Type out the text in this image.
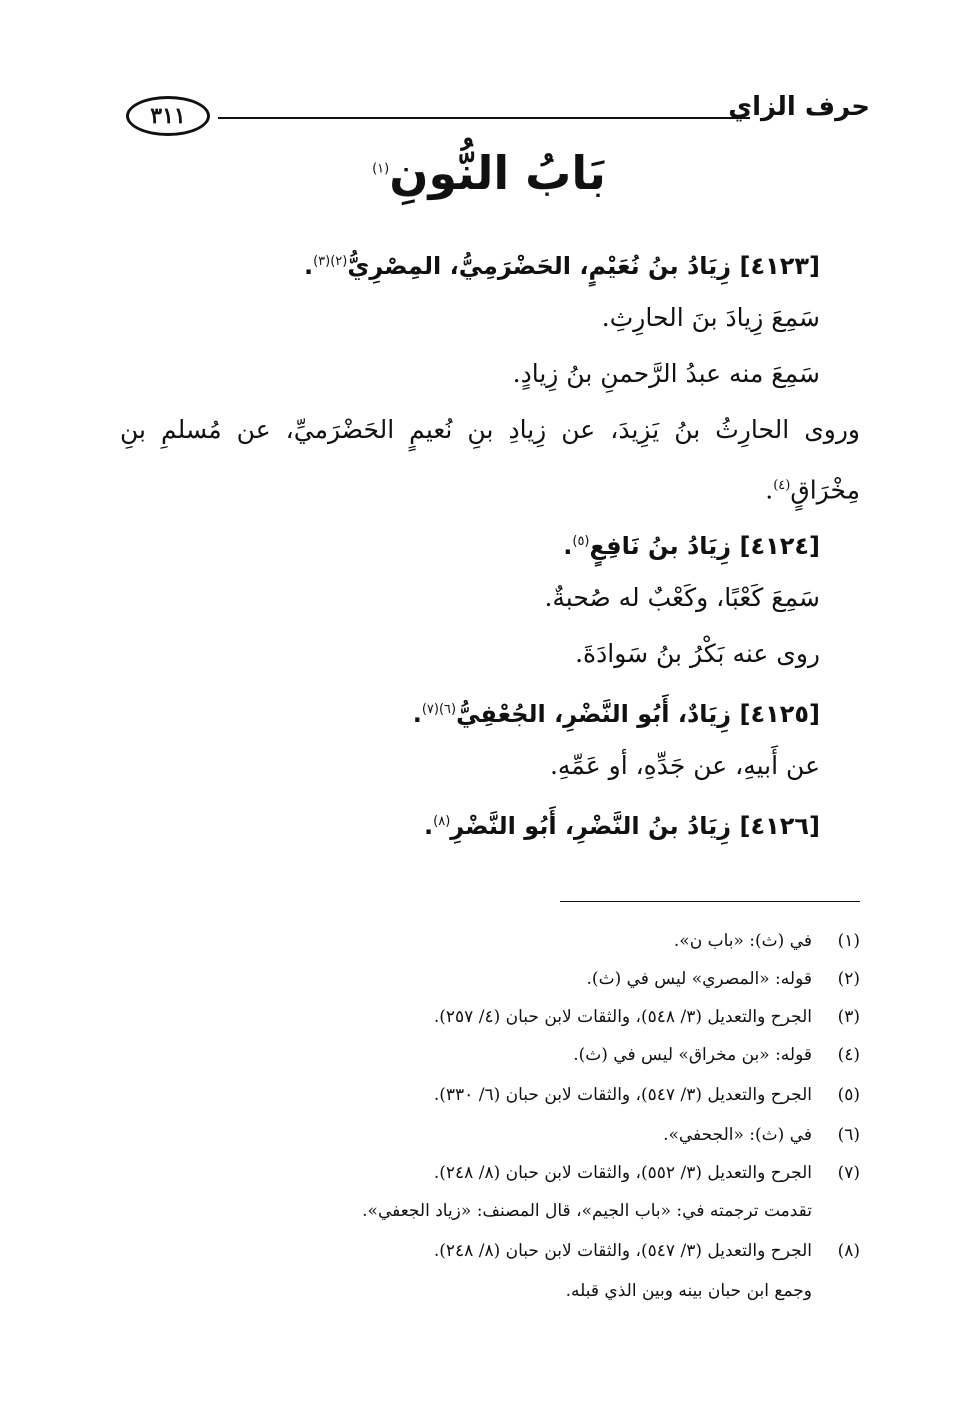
٣١١	حرف الزاي
بَابُ النُّونِ$^{(١)}$
[٤١٢٣] زِيَادُ بنُ نُعَيْمٍ، الحَضْرَمِيُّ، المِصْرِيُّ$^{(٢)(٣)}$.
سَمِعَ زِيادَ بنَ الحارِثِ.
سَمِعَ منه عبدُ الرَّحمنِ بنُ زِيادٍ.
وروى الحارِثُ بنُ يَزِيدَ، عن زِيادِ بنِ نُعيمٍ الحَضْرَميِّ، عن مُسلمِ بنِ
مِخْرَاقٍ$^{(٤)}$.
[٤١٢٤] زِيَادُ بنُ نَافِعٍ$^{(٥)}$.
سَمِعَ كَعْبًا، وكَعْبٌ له صُحبةٌ.
روى عنه بَكْرُ بنُ سَوادَةَ.
[٤١٢٥] زِيَادٌ، أَبُو النَّضْرِ، الجُعْفِيُّ$^{(٦)(٧)}$.
عن أَبيهِ، عن جَدِّهِ، أو عَمِّهِ.
[٤١٢٦] زِيَادُ بنُ النَّضْرِ، أَبُو النَّضْرِ$^{(٨)}$.
(١)في (ث): «باب ن».
(٢)قوله: «المصري» ليس في (ث).
(٣)الجرح والتعديل (٣/ ٥٤٨)، والثقات لابن حبان (٤/ ٢٥٧).
(٤)قوله: «بن مخراق» ليس في (ث).
(٥)الجرح والتعديل (٣/ ٥٤٧)، والثقات لابن حبان (٦/ ٣٣٠).
(٦)في (ث): «الجحفي».
(٧)الجرح والتعديل (٣/ ٥٥٢)، والثقات لابن حبان (٨/ ٢٤٨).
تقدمت ترجمته في: «باب الجيم»، قال المصنف: «زياد الجعفي».
(٨)الجرح والتعديل (٣/ ٥٤٧)، والثقات لابن حبان (٨/ ٢٤٨).
وجمع ابن حبان بينه وبين الذي قبله.
